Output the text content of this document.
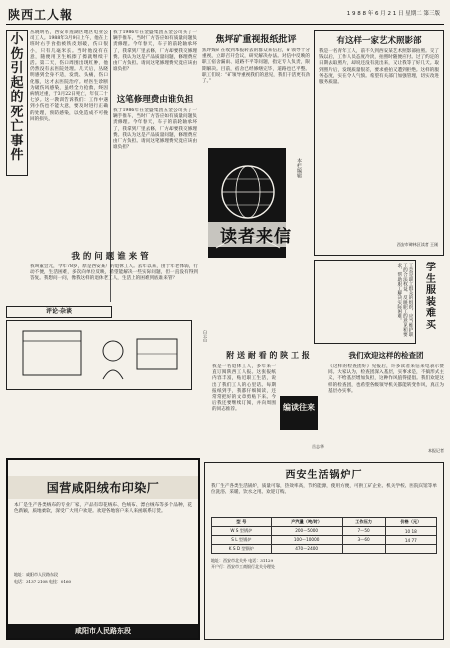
陕西工人報	1 9 8 8 年 6 月 2 1 日 星期二 第三版
小
伤
引
起
的
死
亡
事
件
丛晓明名，西安市莲湖区地区电业公司工人。1988年3月9日上午，他在上班时右手食指被铁皮划破，伤口很小，只有几毫米长。当时他没有在意，随便用卫生纸擦了擦就继续干活。第二天，伤口周围出现红肿，他仍然没有去医院处理。几天后，丛晓明感到全身不适，发烧、头痛，伤口化脓，这才去医院治疗。经医生诊断为破伤风感染，虽经全力抢救，终因病情过重，于3月22日死亡，年仅二十七岁。这一教训告诉我们：工作中遇到小伤也不能大意，要及时进行正确的处理，预防感染，以免造成不可挽回的损失。
我于1986年在金盛集团五金公司买了一辆手推车，当时厂方答应如有质量问题负责修理。今年春天，车子的前轮轴承坏了，我拿到厂里去修，厂方却要我交修理费。我认为这是产品质量问题，修理费应由厂方负担。请问这笔修理费究竟应该由谁负担？
这笔修理费由谁负担
我于1986年在金盛集团五金公司买了一辆手推车，当时厂方答应如有质量问题负责修理。今年春天，车子的前轮轴承坏了，我拿到厂里去修，厂方却要我交修理费。我认为这是产品质量问题，修理费应由厂方负担。请问这笔修理费究竟应该由谁负担？
我 的 问 题 谁 来 管
我叫董会元，今年78岁，原是西安某厂的退休工人。去年以来，由于年老体弱，行动不便，生活困难，多次向单位反映，希望能解决一些实际问题，但一直没有得到答复。我想问一问，像我这样的退休老工人，生活上的困难到底谁来管？
焦坪矿重视报纸批评
焦坪煤矿在收到本报转去的群众来信后，矿领导十分重视，立即召开会议，研究解决办法。对信中反映的职工宿舍漏雨、道路不平等问题，指定专人负责，限期解决。目前，宿舍已经修缮完毕，道路也已平整。职工们说：“矿领导重视我们的意见，我们干活更有劲了。”
读者来信
本栏编辑
有这样一家艺术照影部
我是一名青年工人，前不久到西安某艺术照影部拍照。交了钱以后，工作人员态度冷淡，拍照时随便应付。过了约定的日期去取照片，却说还没有洗出来，又让我等了好几天。取到照片后，发现质量很差，要求重拍又遭到拒绝。这样的服务态度，实在令人气愤。希望有关部门加强管理，切实改进服务质量。
西安市碑林区读者 王刚
工会是职工群众的组织，应当维护职工的合法权益，反映职工的意见和要求，帮助职工解决实际困难。	学
生
服
装
难
买
评论·杂谈
白云山
附 送 耐 看 的 陕 工 报
我是一名退休工人，多年来一直订阅陕西工人报。这张报纸内容丰富，贴近职工生活，说出了我们工人的心里话。每期报纸到手，我都仔细阅读，还常常把好的文章剪贴下来。今后我还要继续订阅，并向周围的同志推荐。	编读往来
岳志华
我们欢迎这样的检查团
《这样的检查团好》见报后，许多读者来信来电表示赞同。大家认为，检查团深入基层，实事求是，不搞形式主义，不给基层增加负担，这种作风值得提倡。我们欢迎这样的检查团，也希望各级领导机关都能转变作风，真正为基层办实事。
本报记者
国营咸阳绒布印染厂
本厂是生产各类绒布的专业厂家，产品有印花绒布、色绒布、漂白绒布等多个品种，花色新颖，质地柔软，深受广大用户欢迎。欢迎各地客户来人来函联系订货。
地址：咸阳市人民路东段
电话：3137 2108 电挂：0160
咸阳市人民路东段
西安生活锅炉厂
我厂生产各类生活锅炉，质量可靠，热效率高，节约能源，使用方便，可供工矿企业、机关学校、医院宾馆等单位洗浴、采暖、饮水之用。欢迎订购。
型 号	产汽量（吨/时）	工作压力	价格（元）
W S 型锅炉	200～5000	7～50	10 18
S L 型锅炉	100～10000	3～60	14 77
K S D 型锅炉	470～2400		
地址：西安市北关外 电话：31129
开户行：西安市工商银行北关分理处
